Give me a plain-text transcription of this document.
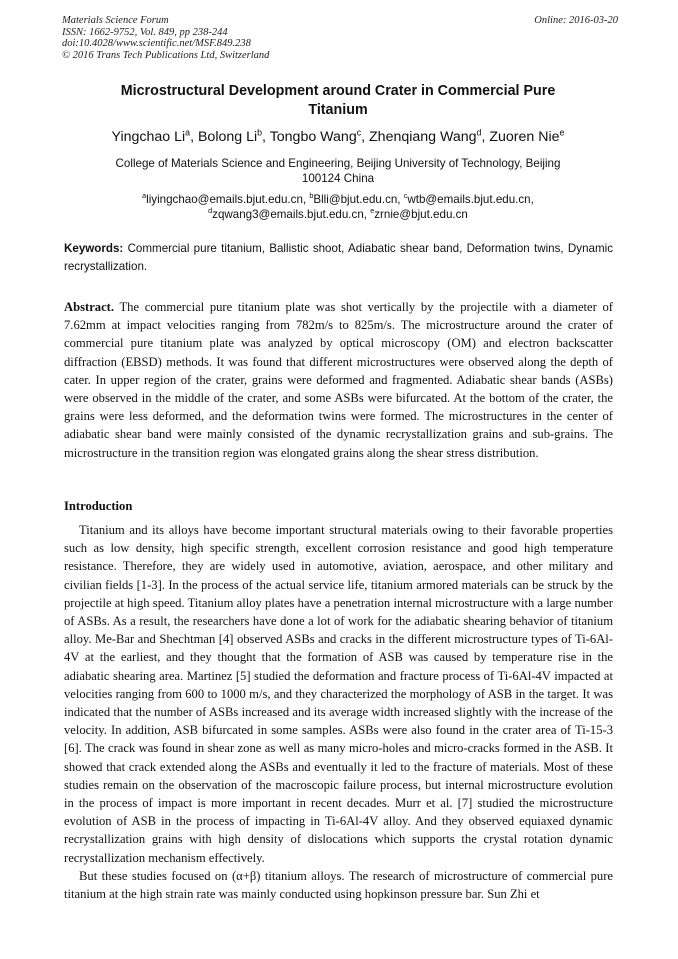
Materials Science Forum
ISSN: 1662-9752, Vol. 849, pp 238-244
doi:10.4028/www.scientific.net/MSF.849.238
© 2016 Trans Tech Publications Ltd, Switzerland
Online: 2016-03-20
Microstructural Development around Crater in Commercial Pure
Titanium
Yingchao Li$^a$, Bolong Li$^b$, Tongbo Wang$^c$, Zhenqiang Wang$^d$, Zuoren Nie$^e$
College of Materials Science and Engineering, Beijing University of Technology, Beijing
100124 China
$^a$liyingchao@emails.bjut.edu.cn, $^b$Blli@bjut.edu.cn, $^c$wtb@emails.bjut.edu.cn,
$^d$zqwang3@emails.bjut.edu.cn, $^e$zrnie@bjut.edu.cn
Keywords: Commercial pure titanium, Ballistic shoot, Adiabatic shear band, Deformation twins, Dynamic recrystallization.
Abstract. The commercial pure titanium plate was shot vertically by the projectile with a diameter of 7.62mm at impact velocities ranging from 782m/s to 825m/s. The microstructure around the crater of commercial pure titanium plate was analyzed by optical microscopy (OM) and electron backscatter diffraction (EBSD) methods. It was found that different microstructures were observed along the depth of cater. In upper region of the crater, grains were deformed and fragmented. Adiabatic shear bands (ASBs) were observed in the middle of the crater, and some ASBs were bifurcated. At the bottom of the crater, the grains were less deformed, and the deformation twins were formed. The microstructures in the center of adiabatic shear band were mainly consisted of the dynamic recrystallization grains and sub-grains. The microstructure in the transition region was elongated grains along the shear stress distribution.
Introduction

Titanium and its alloys have become important structural materials owing to their favorable properties such as low density, high specific strength, excellent corrosion resistance and good high temperature resistance. Therefore, they are widely used in automotive, aviation, aerospace, and other military and civilian fields [1-3]. In the process of the actual service life, titanium armored materials can be struck by the projectile at high speed. Titanium alloy plates have a penetration internal microstructure with a large number of ASBs. As a result, the researchers have done a lot of work for the adiabatic shearing behavior of titanium alloy. Me-Bar and Shechtman [4] observed ASBs and cracks in the different microstructure types of Ti-6Al-4V at the earliest, and they thought that the formation of ASB was caused by temperature rise in the adiabatic shearing area. Martinez [5] studied the deformation and fracture process of Ti-6Al-4V impacted at velocities ranging from 600 to 1000 m/s, and they characterized the morphology of ASB in the target. It was indicated that the number of ASBs increased and its average width increased slightly with the increase of the velocity. In addition, ASB bifurcated in some samples. ASBs were also found in the crater area of Ti-15-3 [6]. The crack was found in shear zone as well as many micro-holes and micro-cracks formed in the ASB. It showed that crack extended along the ASBs and eventually it led to the fracture of materials. Most of these studies remain on the observation of the macroscopic failure process, but internal microstructure evolution in the process of impact is more important in recent decades. Murr et al. [7] studied the microstructure evolution of ASB in the process of impacting in Ti-6Al-4V alloy. And they observed equiaxed dynamic recrystallization grains with high density of dislocations which supports the crystal rotation dynamic recrystallization mechanism effectively.

But these studies focused on (α+β) titanium alloys. The research of microstructure of commercial pure titanium at the high strain rate was mainly conducted using hopkinson pressure bar. Sun Zhi et
